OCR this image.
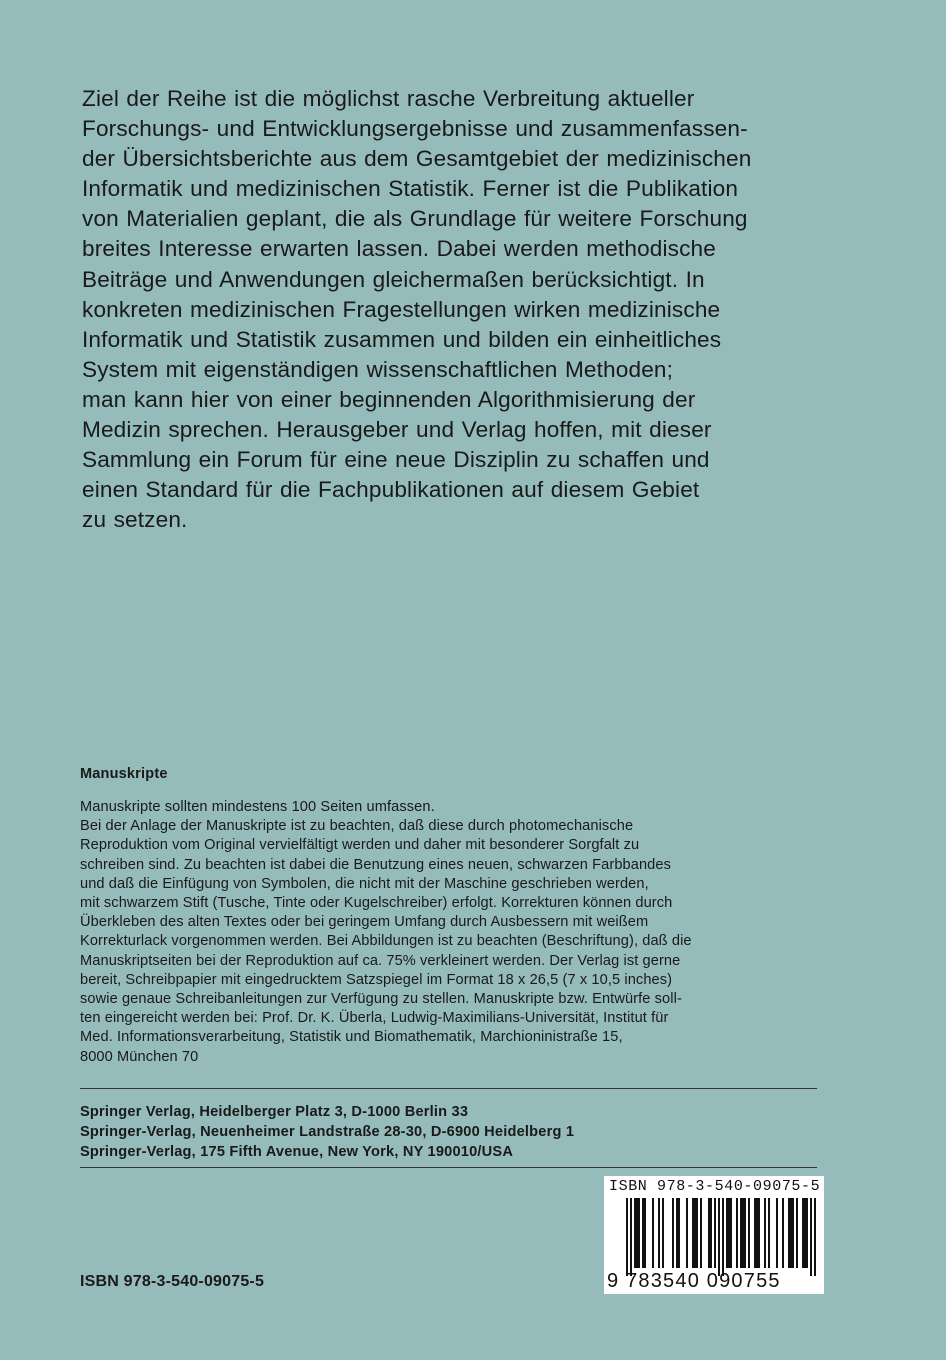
Ziel der Reihe ist die möglichst rasche Verbreitung aktueller
Forschungs- und Entwicklungsergebnisse und zusammenfassen-
der Übersichtsberichte aus dem Gesamtgebiet der medizinischen
Informatik und medizinischen Statistik. Ferner ist die Publikation
von Materialien geplant, die als Grundlage für weitere Forschung
breites Interesse erwarten lassen. Dabei werden methodische
Beiträge und Anwendungen gleichermaßen berücksichtigt. In
konkreten medizinischen Fragestellungen wirken medizinische
Informatik und Statistik zusammen und bilden ein einheitliches
System mit eigenständigen wissenschaftlichen Methoden;
man kann hier von einer beginnenden Algorithmisierung der
Medizin sprechen. Herausgeber und Verlag hoffen, mit dieser
Sammlung ein Forum für eine neue Disziplin zu schaffen und
einen Standard für die Fachpublikationen auf diesem Gebiet
zu setzen.
Manuskripte
Manuskripte sollten mindestens 100 Seiten umfassen.
Bei der Anlage der Manuskripte ist zu beachten, daß diese durch photomechanische
Reproduktion vom Original vervielfältigt werden und daher mit besonderer Sorgfalt zu
schreiben sind. Zu beachten ist dabei die Benutzung eines neuen, schwarzen Farbbandes
und daß die Einfügung von Symbolen, die nicht mit der Maschine geschrieben werden,
mit schwarzem Stift (Tusche, Tinte oder Kugelschreiber) erfolgt. Korrekturen können durch
Überkleben des alten Textes oder bei geringem Umfang durch Ausbessern mit weißem
Korrekturlack vorgenommen werden. Bei Abbildungen ist zu beachten (Beschriftung), daß die
Manuskriptseiten bei der Reproduktion auf ca. 75% verkleinert werden. Der Verlag ist gerne
bereit, Schreibpapier mit eingedrucktem Satzspiegel im Format 18 x 26,5 (7 x 10,5 inches)
sowie genaue Schreibanleitungen zur Verfügung zu stellen. Manuskripte bzw. Entwürfe soll-
ten eingereicht werden bei: Prof. Dr. K. Überla, Ludwig-Maximilians-Universität, Institut für
Med. Informationsverarbeitung, Statistik und Biomathematik, Marchioninistraße 15,
8000 München 70
Springer Verlag, Heidelberger Platz 3, D-1000 Berlin 33
Springer-Verlag, Neuenheimer Landstraße 28-30, D-6900 Heidelberg 1
Springer-Verlag, 175 Fifth Avenue, New York, NY 190010/USA
ISBN 978-3-540-09075-5
ISBN 978-3-540-09075-5
9 783540 090755
